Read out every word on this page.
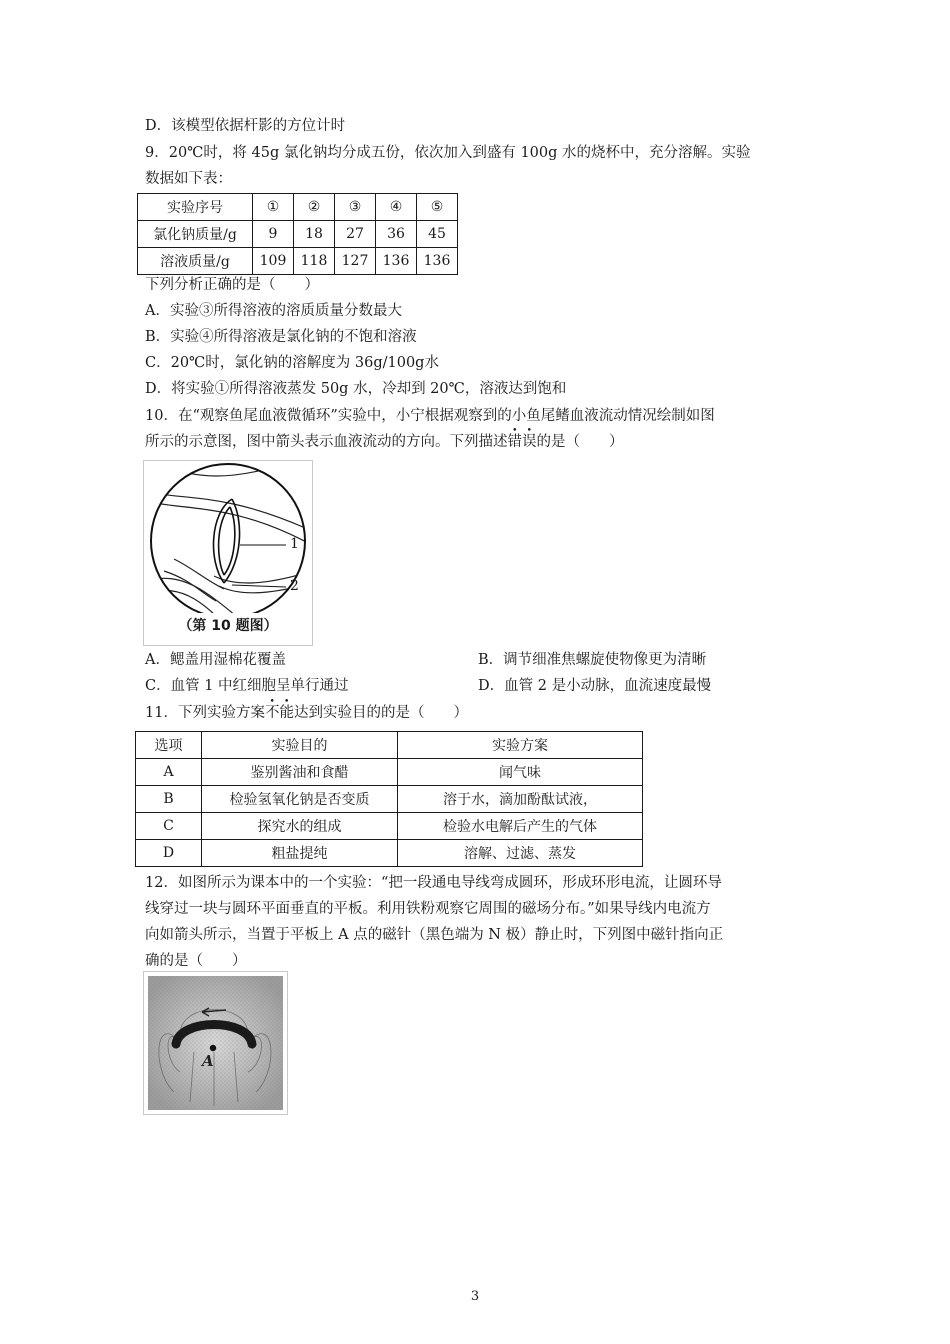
D．该模型依据杆影的方位计时
9．20℃时，将 45g 氯化钠均分成五份，依次加入到盛有 100g 水的烧杯中，充分溶解。实验
数据如下表：
实验序号	①	②	③	④	⑤
氯化钠质量/g	9	18	27	36	45
溶液质量/g	109	118	127	136	136
下列分析正确的是（　　）
A．实验③所得溶液的溶质质量分数最大
B．实验④所得溶液是氯化钠的不饱和溶液
C．20℃时，氯化钠的溶解度为 36g/100g水
D．将实验①所得溶液蒸发 50g 水，冷却到 20℃，溶液达到饱和
10．在“观察鱼尾血液微循环”实验中，小宁根据观察到的小鱼尾鳍血液流动情况绘制如图
所示的示意图，图中箭头表示血液流动的方向。下列描述错误的是（　　）
1
2
（第 10 题图）
A．鳃盖用湿棉花覆盖	B．调节细准焦螺旋使物像更为清晰
C．血管 1 中红细胞呈单行通过	D．血管 2 是小动脉，血流速度最慢
11．下列实验方案不能达到实验目的的是（　　）
选项	实验目的	实验方案
A	鉴别酱油和食醋	闻气味
B	检验氢氧化钠是否变质	溶于水，滴加酚酞试液，
C	探究水的组成	检验水电解后产生的气体
D	粗盐提纯	溶解、过滤、蒸发
12．如图所示为课本中的一个实验：“把一段通电导线弯成圆环，形成环形电流，让圆环导
线穿过一块与圆环平面垂直的平板。利用铁粉观察它周围的磁场分布。”如果导线内电流方
向如箭头所示，当置于平板上 A 点的磁针（黑色端为 N 极）静止时，下列图中磁针指向正
确的是（　　）
A
3
